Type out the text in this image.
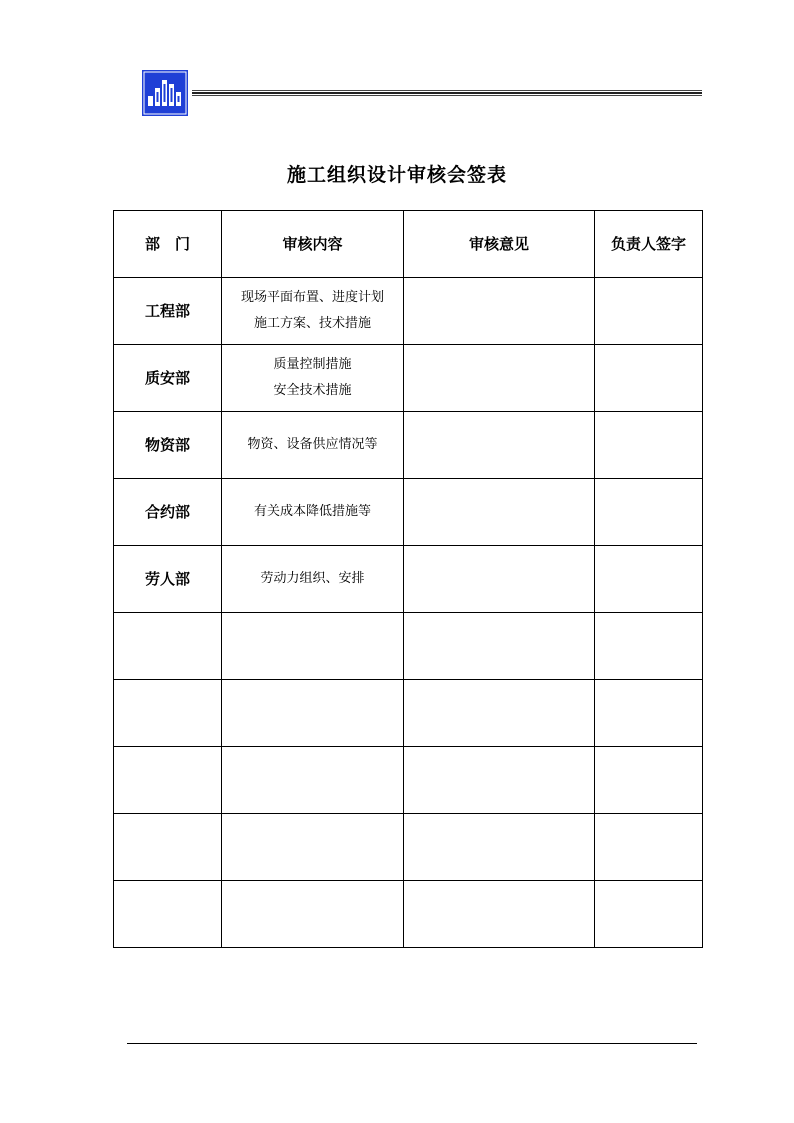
施工组织设计审核会签表
部　门	审核内容	审核意见	负责人签字
工程部	现场平面布置、进度计划
施工方案、技术措施		

质安部	质量控制措施
安全技术措施		

物资部	物资、设备供应情况等		

合约部	有关成本降低措施等		

劳人部	劳动力组织、安排		
